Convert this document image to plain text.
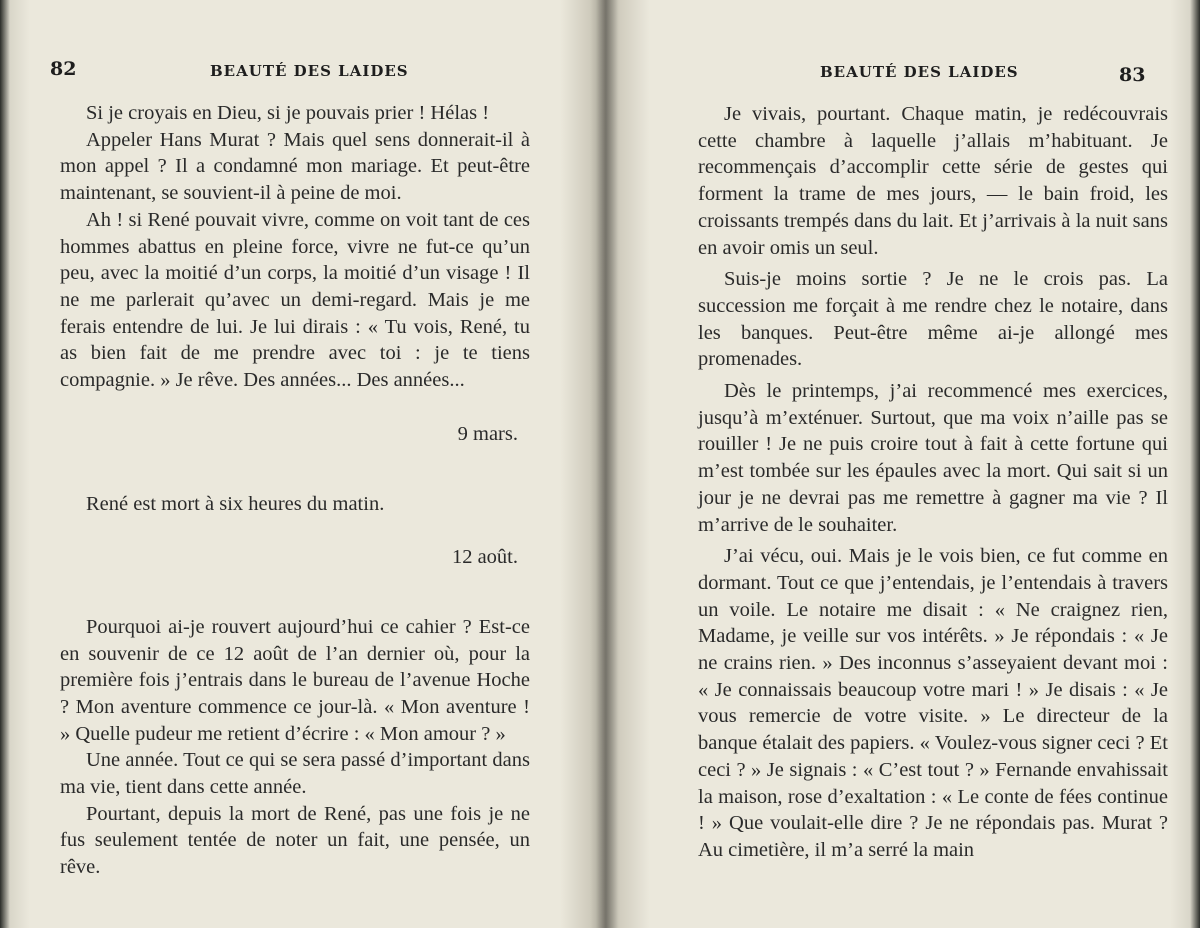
82	BEAUTÉ DES LAIDES

Si je croyais en Dieu, si je pouvais prier ! Hélas !

Appeler Hans Murat ? Mais quel sens donnerait-il à mon appel ? Il a condamné mon mariage. Et peut-être maintenant, se souvient-il à peine de moi.

Ah ! si René pouvait vivre, comme on voit tant de ces hommes abattus en pleine force, vivre ne fut-ce qu’un peu, avec la moitié d’un corps, la moitié d’un visage ! Il ne me parlerait qu’avec un demi-regard. Mais je me ferais entendre de lui. Je lui dirais : « Tu vois, René, tu as bien fait de me prendre avec toi : je te tiens compagnie. » Je rêve. Des années... Des années...

9 mars.

René est mort à six heures du matin.

12 août.

Pourquoi ai-je rouvert aujourd’hui ce cahier ? Est-ce en souvenir de ce 12 août de l’an dernier où, pour la première fois j’entrais dans le bureau de l’avenue Hoche ? Mon aventure commence ce jour-là. « Mon aventure ! » Quelle pudeur me retient d’écrire : « Mon amour ? »

Une année. Tout ce qui se sera passé d’important dans ma vie, tient dans cette année.

Pourtant, depuis la mort de René, pas une fois je ne fus seulement tentée de noter un fait, une pensée, un rêve.

BEAUTÉ DES LAIDES	83

Je vivais, pourtant. Chaque matin, je redécouvrais cette chambre à laquelle j’allais m’habituant. Je recommençais d’accomplir cette série de gestes qui forment la trame de mes jours, — le bain froid, les croissants trempés dans du lait. Et j’arrivais à la nuit sans en avoir omis un seul.

Suis-je moins sortie ? Je ne le crois pas. La succession me forçait à me rendre chez le notaire, dans les banques. Peut-être même ai-je allongé mes promenades.

Dès le printemps, j’ai recommencé mes exercices, jusqu’à m’exténuer. Surtout, que ma voix n’aille pas se rouiller ! Je ne puis croire tout à fait à cette fortune qui m’est tombée sur les épaules avec la mort. Qui sait si un jour je ne devrai pas me remettre à gagner ma vie ? Il m’arrive de le souhaiter.

J’ai vécu, oui. Mais je le vois bien, ce fut comme en dormant. Tout ce que j’entendais, je l’entendais à travers un voile. Le notaire me disait : « Ne craignez rien, Madame, je veille sur vos intérêts. » Je répondais : « Je ne crains rien. » Des inconnus s’asseyaient devant moi : « Je connaissais beaucoup votre mari ! » Je disais : « Je vous remercie de votre visite. » Le directeur de la banque étalait des papiers. « Voulez-vous signer ceci ? Et ceci ? » Je signais : « C’est tout ? » Fernande envahissait la maison, rose d’exaltation : « Le conte de fées continue ! » Que voulait-elle dire ? Je ne répondais pas. Murat ? Au cimetière, il m’a serré la main
